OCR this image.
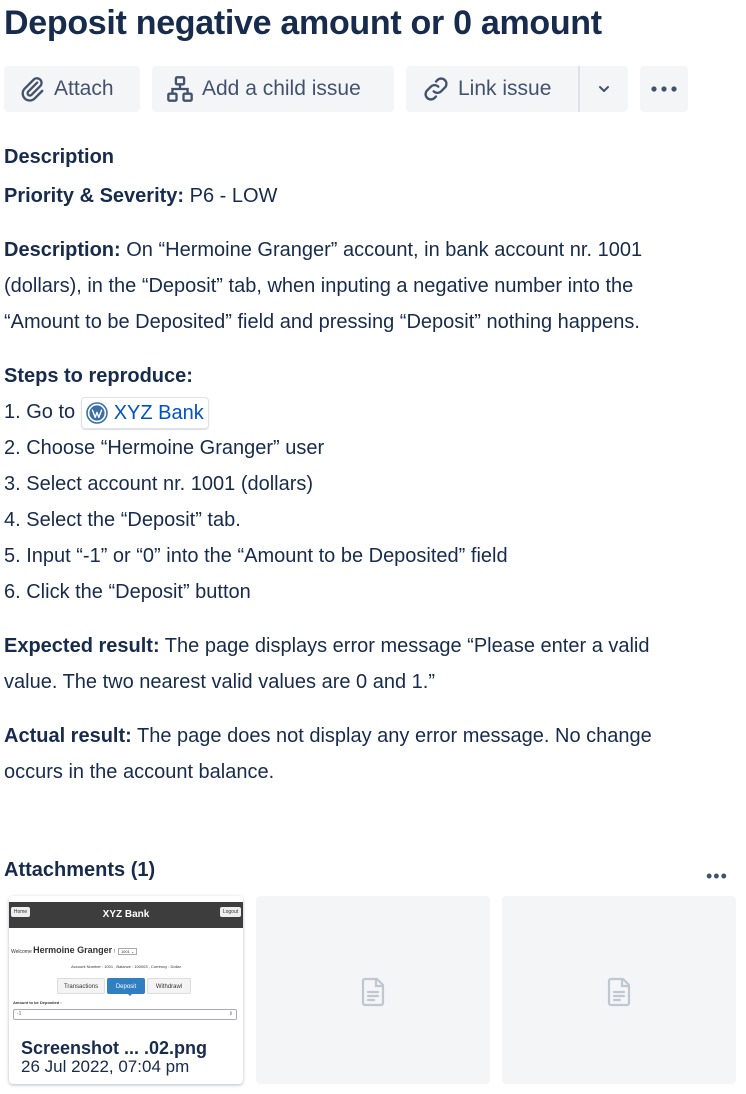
Deposit negative amount or 0 amount
Attach	Add a child issue	Link issue
Description
Priority & Severity: P6 - LOW
Description: On “Hermoine Granger” account, in bank account nr. 1001
(dollars), in the “Deposit” tab, when inputing a negative number into the
“Amount to be Deposited” field and pressing “Deposit” nothing happens.
Steps to reproduce:
1. Go to XYZ Bank
2. Choose “Hermoine Granger” user
3. Select account nr. 1001 (dollars)
4. Select the “Deposit” tab.
5. Input “-1” or “0” into the “Amount to be Deposited” field
6. Click the “Deposit” button
Expected result: The page displays error message “Please enter a valid
value. The two nearest valid values are 0 and 1.”
Actual result: The page does not display any error message. No change
occurs in the account balance.
Attachments (1)	•••
Home	XYZ Bank	Logout
Welcome Hermoine Granger ! 1001 ⌄
Account Number : 1001 , Balance : 100003 , Currency : Dollar
Transactions	Deposit	Withdrawl
Amount to be Deposited :
-1	⇕
Screenshot ... .02.png
26 Jul 2022, 07:04 pm
